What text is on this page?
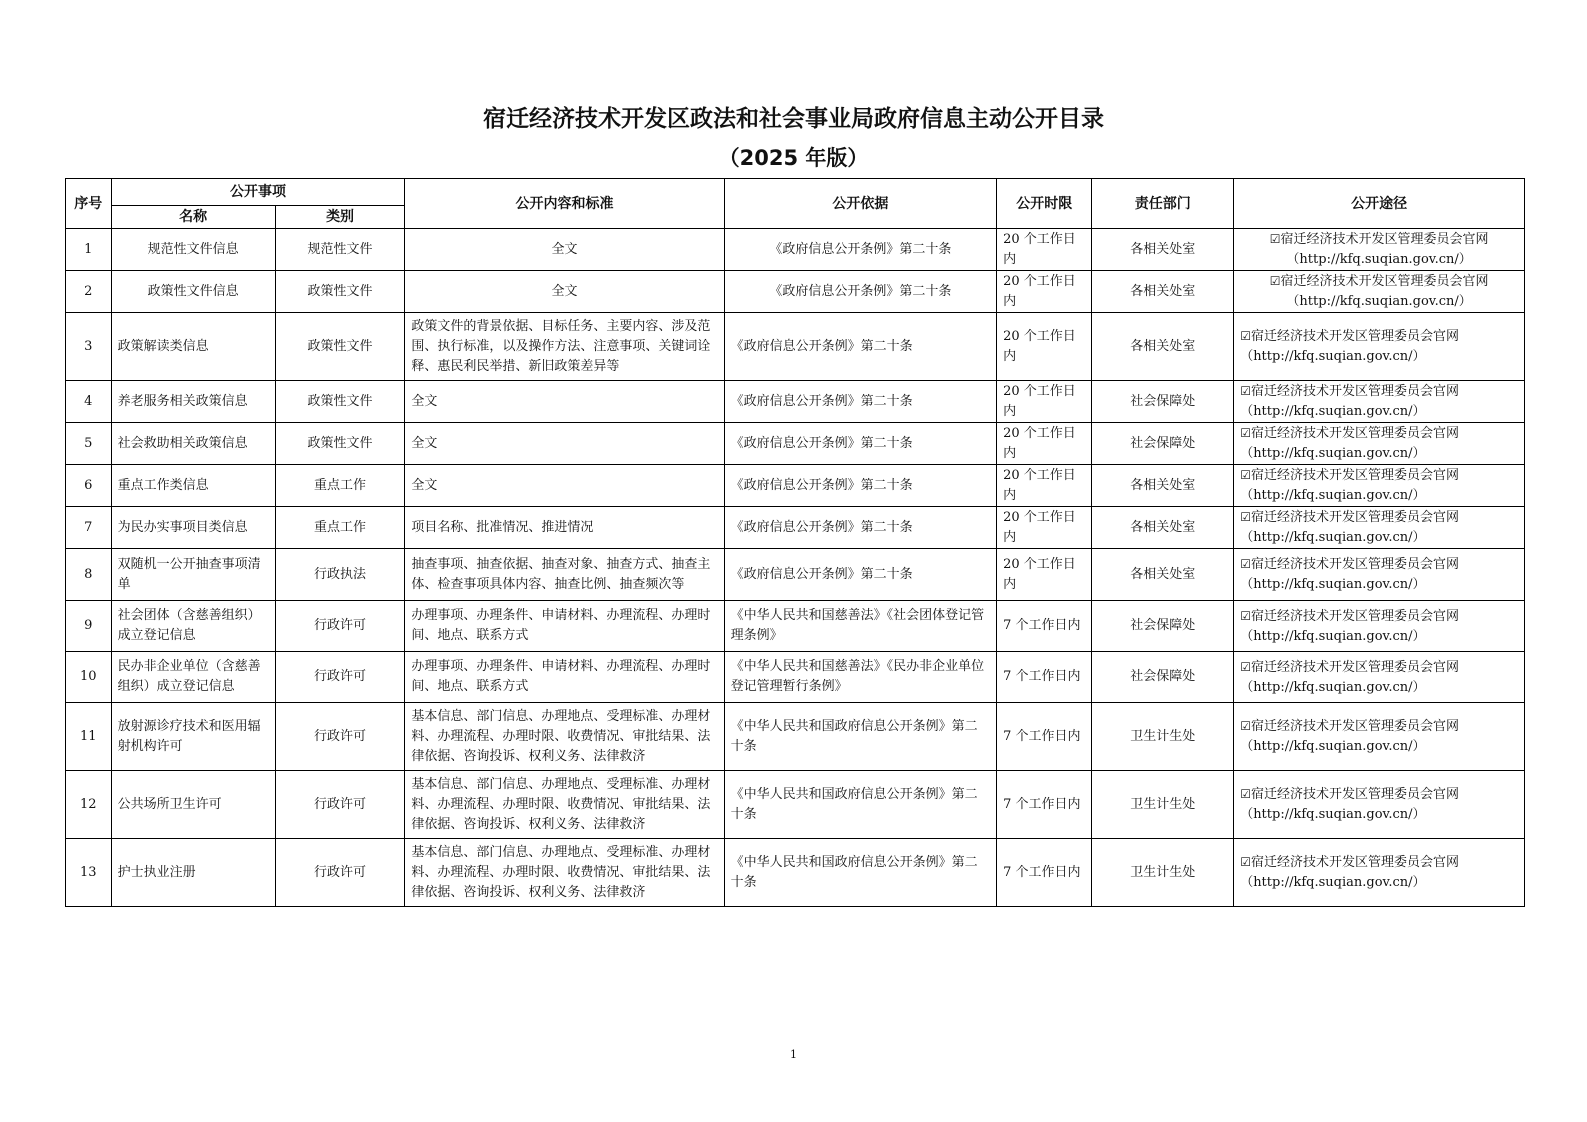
宿迁经济技术开发区政法和社会事业局政府信息主动公开目录
（2025 年版）
序号	公开事项		公开内容和标准	公开依据	公开时限	责任部门	公开途径
	名称	类别					
1	规范性文件信息	规范性文件	全文	《政府信息公开条例》第二十条	20 个工作日内	各相关处室	☑宿迁经济技术开发区管理委员会官网
（http://kfq.suqian.gov.cn/）

2	政策性文件信息	政策性文件	全文	《政府信息公开条例》第二十条	20 个工作日内	各相关处室	☑宿迁经济技术开发区管理委员会官网
（http://kfq.suqian.gov.cn/）

3	政策解读类信息	政策性文件	政策文件的背景依据、目标任务、主要内容、涉及范围、执行标准，以及操作方法、注意事项、关键词诠释、惠民利民举措、新旧政策差异等	《政府信息公开条例》第二十条	20 个工作日内	各相关处室	☑宿迁经济技术开发区管理委员会官网
（http://kfq.suqian.gov.cn/）

4	养老服务相关政策信息	政策性文件	全文	《政府信息公开条例》第二十条	20 个工作日内	社会保障处	☑宿迁经济技术开发区管理委员会官网
（http://kfq.suqian.gov.cn/）

5	社会救助相关政策信息	政策性文件	全文	《政府信息公开条例》第二十条	20 个工作日内	社会保障处	☑宿迁经济技术开发区管理委员会官网
（http://kfq.suqian.gov.cn/）

6	重点工作类信息	重点工作	全文	《政府信息公开条例》第二十条	20 个工作日内	各相关处室	☑宿迁经济技术开发区管理委员会官网
（http://kfq.suqian.gov.cn/）

7	为民办实事项目类信息	重点工作	项目名称、批准情况、推进情况	《政府信息公开条例》第二十条	20 个工作日内	各相关处室	☑宿迁经济技术开发区管理委员会官网
（http://kfq.suqian.gov.cn/）

8	双随机一公开抽查事项清单	行政执法	抽查事项、抽查依据、抽查对象、抽查方式、抽查主体、检查事项具体内容、抽查比例、抽查频次等	《政府信息公开条例》第二十条	20 个工作日内	各相关处室	☑宿迁经济技术开发区管理委员会官网
（http://kfq.suqian.gov.cn/）

9	社会团体（含慈善组织）成立登记信息	行政许可	办理事项、办理条件、申请材料、办理流程、办理时间、地点、联系方式	《中华人民共和国慈善法》《社会团体登记管理条例》	7 个工作日内	社会保障处	☑宿迁经济技术开发区管理委员会官网
（http://kfq.suqian.gov.cn/）

10	民办非企业单位（含慈善组织）成立登记信息	行政许可	办理事项、办理条件、申请材料、办理流程、办理时间、地点、联系方式	《中华人民共和国慈善法》《民办非企业单位登记管理暂行条例》	7 个工作日内	社会保障处	☑宿迁经济技术开发区管理委员会官网
（http://kfq.suqian.gov.cn/）

11	放射源诊疗技术和医用辐射机构许可	行政许可	基本信息、部门信息、办理地点、受理标准、办理材料、办理流程、办理时限、收费情况、审批结果、法律依据、咨询投诉、权利义务、法律救济	《中华人民共和国政府信息公开条例》第二十条	7 个工作日内	卫生计生处	☑宿迁经济技术开发区管理委员会官网
（http://kfq.suqian.gov.cn/）

12	公共场所卫生许可	行政许可	基本信息、部门信息、办理地点、受理标准、办理材料、办理流程、办理时限、收费情况、审批结果、法律依据、咨询投诉、权利义务、法律救济	《中华人民共和国政府信息公开条例》第二十条	7 个工作日内	卫生计生处	☑宿迁经济技术开发区管理委员会官网
（http://kfq.suqian.gov.cn/）

13	护士执业注册	行政许可	基本信息、部门信息、办理地点、受理标准、办理材料、办理流程、办理时限、收费情况、审批结果、法律依据、咨询投诉、权利义务、法律救济	《中华人民共和国政府信息公开条例》第二十条	7 个工作日内	卫生计生处	☑宿迁经济技术开发区管理委员会官网
（http://kfq.suqian.gov.cn/）
1
